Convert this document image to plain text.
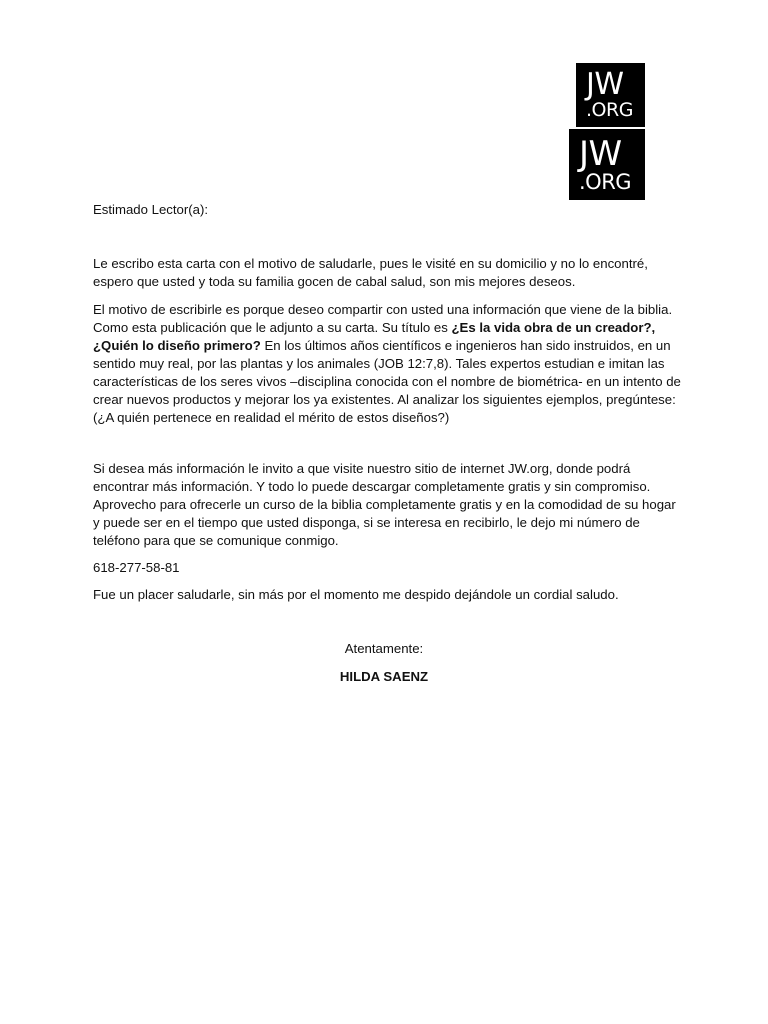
JW
.ORG
JW
.ORG
Estimado Lector(a):
Le escribo esta carta con el motivo de saludarle, pues le visité en su domicilio y no lo encontré, espero que usted y toda su familia gocen de cabal salud, son mis mejores deseos.
El motivo de escribirle es porque deseo compartir con usted una información que viene de la biblia. Como esta publicación que le adjunto a su carta. Su título es ¿Es la vida obra de un creador?, ¿Quién lo diseño primero? En los últimos años científicos e ingenieros han sido instruidos, en un sentido muy real, por las plantas y los animales (JOB 12:7,8). Tales expertos estudian e imitan las características de los seres vivos –disciplina conocida con el nombre de biométrica- en un intento de crear nuevos productos y mejorar los ya existentes. Al analizar los siguientes ejemplos, pregúntese: (¿A quién pertenece en realidad el mérito de estos diseños?)
Si desea más información le invito a que visite nuestro sitio de internet JW.org, donde podrá encontrar más información. Y todo lo puede descargar completamente gratis y sin compromiso. Aprovecho para ofrecerle un curso de la biblia completamente gratis y en la comodidad de su hogar y puede ser en el tiempo que usted disponga, si se interesa en recibirlo, le dejo mi número de teléfono para que se comunique conmigo.
618-277-58-81
Fue un placer saludarle, sin más por el momento me despido dejándole un cordial saludo.
Atentamente:
HILDA SAENZ
